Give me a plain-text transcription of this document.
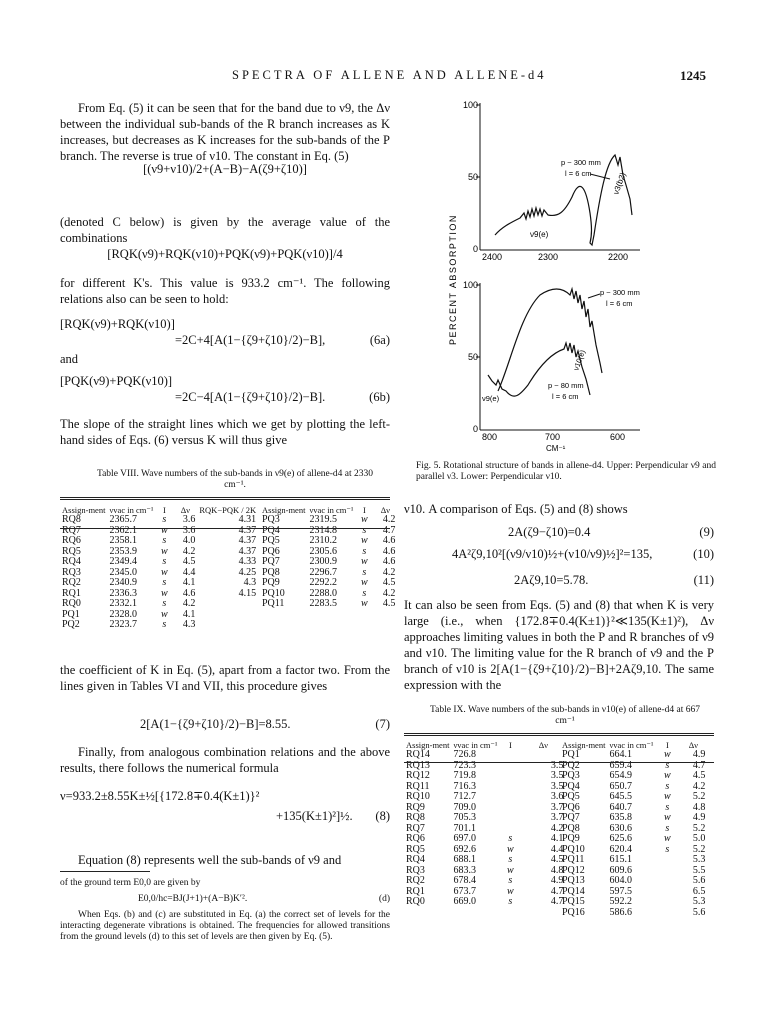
SPECTRA OF ALLENE AND ALLENE-d4	1245

From Eq. (5) it can be seen that for the band due to ν9, the Δν between the individual sub-bands of the R branch increases as K increases, but decreases as K increases for the sub-bands of the P branch. The reverse is true of ν10. The constant in Eq. (5)

[(ν9+ν10)/2+(A−B)−A(ζ9+ζ10)]

(denoted C below) is given by the average value of the combinations

[RQK(ν9)+RQK(ν10)+PQK(ν9)+PQK(ν10)]/4

for different K's. This value is 933.2 cm⁻¹. The following relations also can be seen to hold:

[RQK(ν9)+RQK(ν10)]
=2C+4[A(1−{ζ9+ζ10}/2)−B],	(6a)

and

[PQK(ν9)+PQK(ν10)]
=2C−4[A(1−{ζ9+ζ10}/2)−B].	(6b)

The slope of the straight lines which we get by plotting the left-hand sides of Eqs. (6) versus K will thus give

Table VIII. Wave numbers of the sub-bands in ν9(e) of allene-d4 at 2330 cm⁻¹.
Assign-ment	νvac in cm⁻¹	I	Δν	RQK−PQK / 2K
RQ8	2365.7	s	3.6	4.31
RQ7	2362.1	w	3.6	4.37
RQ6	2358.1	s	4.0	4.37
RQ5	2353.9	w	4.2	4.37
RQ4	2349.4	s	4.5	4.33
RQ3	2345.0	w	4.4	4.25
RQ2	2340.9	s	4.1	4.3
RQ1	2336.3	w	4.6	4.15
RQ0	2332.1	s	4.2	
PQ1	2328.0	w	4.1	
PQ2	2323.7	s	4.3	
Assign-ment	νvac in cm⁻¹	I	Δν
PQ3	2319.5	w	4.2
PQ4	2314.8	s	4.7
PQ5	2310.2	w	4.6
PQ6	2305.6	s	4.6
PQ7	2300.9	w	4.6
PQ8	2296.7	s	4.2
PQ9	2292.2	w	4.5
PQ10	2288.0	s	4.2
PQ11	2283.5	w	4.5

the coefficient of K in Eq. (5), apart from a factor two. From the lines given in Tables VI and VII, this procedure gives

2[A(1−{ζ9+ζ10}/2)−B]=8.55.	(7)

Finally, from analogous combination relations and the above results, there follows the numerical formula

ν=933.2±8.55K±½[{172.8∓0.4(K±1)}²
+135(K±1)²]½. (8)

Equation (8) represents well the sub-bands of ν9 and

of the ground term E0,0 are given by

E0,0/hc=BJ(J+1)+(A−B)K′².	(d)

When Eqs. (b) and (c) are substituted in Eq. (a) the correct set of levels for the interacting degenerate vibrations is obtained. The frequencies for allowed transitions from the ground levels (d) to this set of levels are then given by Eq. (5).

PERCENT ABSORPTION
100
50
0
2400	2300	2200
p ~ 300 mm
l = 6 cm
ν9(e)
ν3(b2)
100
50
0
800	700	600
CM⁻¹
p ~ 300 mm
l = 6 cm
p ~ 80 mm
l = 6 cm
ν9(e)
ν10(e)
Fig. 5. Rotational structure of bands in allene-d4. Upper: Perpendicular ν9 and parallel ν3. Lower: Perpendicular ν10.

ν10. A comparison of Eqs. (5) and (8) shows

2A(ζ9−ζ10)=0.4	(9)
4A²ζ9,10²[(ν9/ν10)½+(ν10/ν9)½]²=135,	(10)
2Aζ9,10=5.78.	(11)

It can also be seen from Eqs. (5) and (8) that when K is very large (i.e., when {172.8∓0.4(K±1)}²≪135(K±1)²), Δν approaches limiting values in both the P and R branches of ν9 and ν10. The limiting value for the R branch of ν9 and the P branch of ν10 is 2[A(1−{ζ9+ζ10}/2)−B]+2Aζ9,10. The same expression with the

Table IX. Wave numbers of the sub-bands in ν10(e) of allene-d4 at 667 cm⁻¹
Assign-ment	νvac in cm⁻¹	I	Δν
RQ14	726.8		
RQ13	723.3		3.5
RQ12	719.8		3.5
RQ11	716.3		3.5
RQ10	712.7		3.6
RQ9	709.0		3.7
RQ8	705.3		3.7
RQ7	701.1		4.2
RQ6	697.0	s	4.1
RQ5	692.6	w	4.4
RQ4	688.1	s	4.5
RQ3	683.3	w	4.8
RQ2	678.4	s	4.9
RQ1	673.7	w	4.7
RQ0	669.0	s	4.7
Assign-ment	νvac in cm⁻¹	I	Δν
PQ1	664.1	w	4.9
PQ2	659.4	s	4.7
PQ3	654.9	w	4.5
PQ4	650.7	s	4.2
PQ5	645.5	w	5.2
PQ6	640.7	s	4.8
PQ7	635.8	w	4.9
PQ8	630.6	s	5.2
PQ9	625.6	w	5.0
PQ10	620.4	s	5.2
PQ11	615.1		5.3
PQ12	609.6		5.5
PQ13	604.0		5.6
PQ14	597.5		6.5
PQ15	592.2		5.3
PQ16	586.6		5.6
